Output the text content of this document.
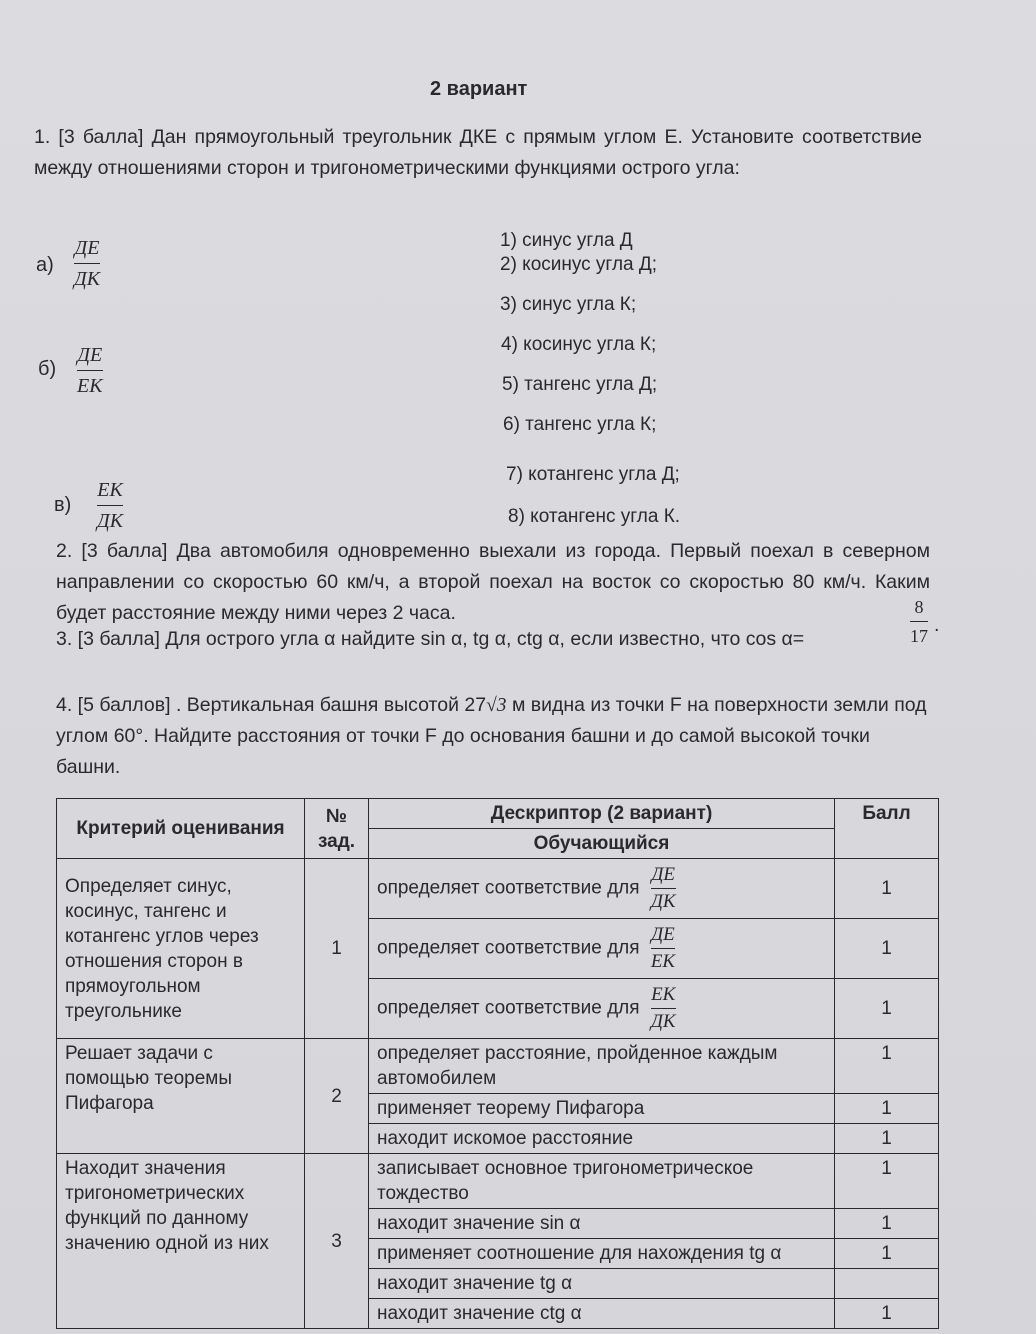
2 вариант
1. [3 балла] Дан прямоугольный треугольник ДКЕ с прямым углом Е. Установите соответствие между отношениями сторон и тригонометрическими функциями острого угла:
а)
ДЕ
ДК
б)
ДЕ
ЕК
в)
ЕК
ДК
1) синус угла Д
2) косинус угла Д;
3) синус угла К;
4) косинус угла К;
5) тангенс угла Д;
6) тангенс угла К;
7) котангенс угла Д;
8) котангенс угла К.
2. [3 балла] Два автомобиля одновременно выехали из города. Первый поехал в северном направлении со скоростью 60 км/ч, а второй поехал на восток со скоростью 80 км/ч. Каким будет расстояние между ними через 2 часа.
3. [3 балла] Для острого угла α найдите sin α, tg α, ctg α, если известно, что cos α=
8
17 .
4. [5 баллов] . Вертикальная башня высотой 27√3 м видна из точки F на поверхности земли под углом 60°. Найдите расстояния от точки F до основания башни и до самой высокой точки башни.
Критерий оценивания	№ зад.	Дескриптор (2 вариант)	Балл
		Обучающийся	
Определяет синус, косинус, тангенс и котангенс углов через отношения сторон в прямоугольном треугольнике	1	определяет соответствие для
ДЕ
ДК	1
		определяет соответствие для
ДЕ
ЕК	1
		определяет соответствие для
ЕК
ДК	1
Решает задачи с помощью теоремы Пифагора	2	определяет расстояние, пройденное каждым автомобилем	1
		применяет теорему Пифагора	1
		находит искомое расстояние	1
Находит значения тригонометрических функций по данному значению одной из них	3	записывает основное тригонометрическое тождество	1
		находит значение sin α	1
		применяет соотношение для нахождения tg α	1
		находит значение tg α	
		находит значение ctg α	1
